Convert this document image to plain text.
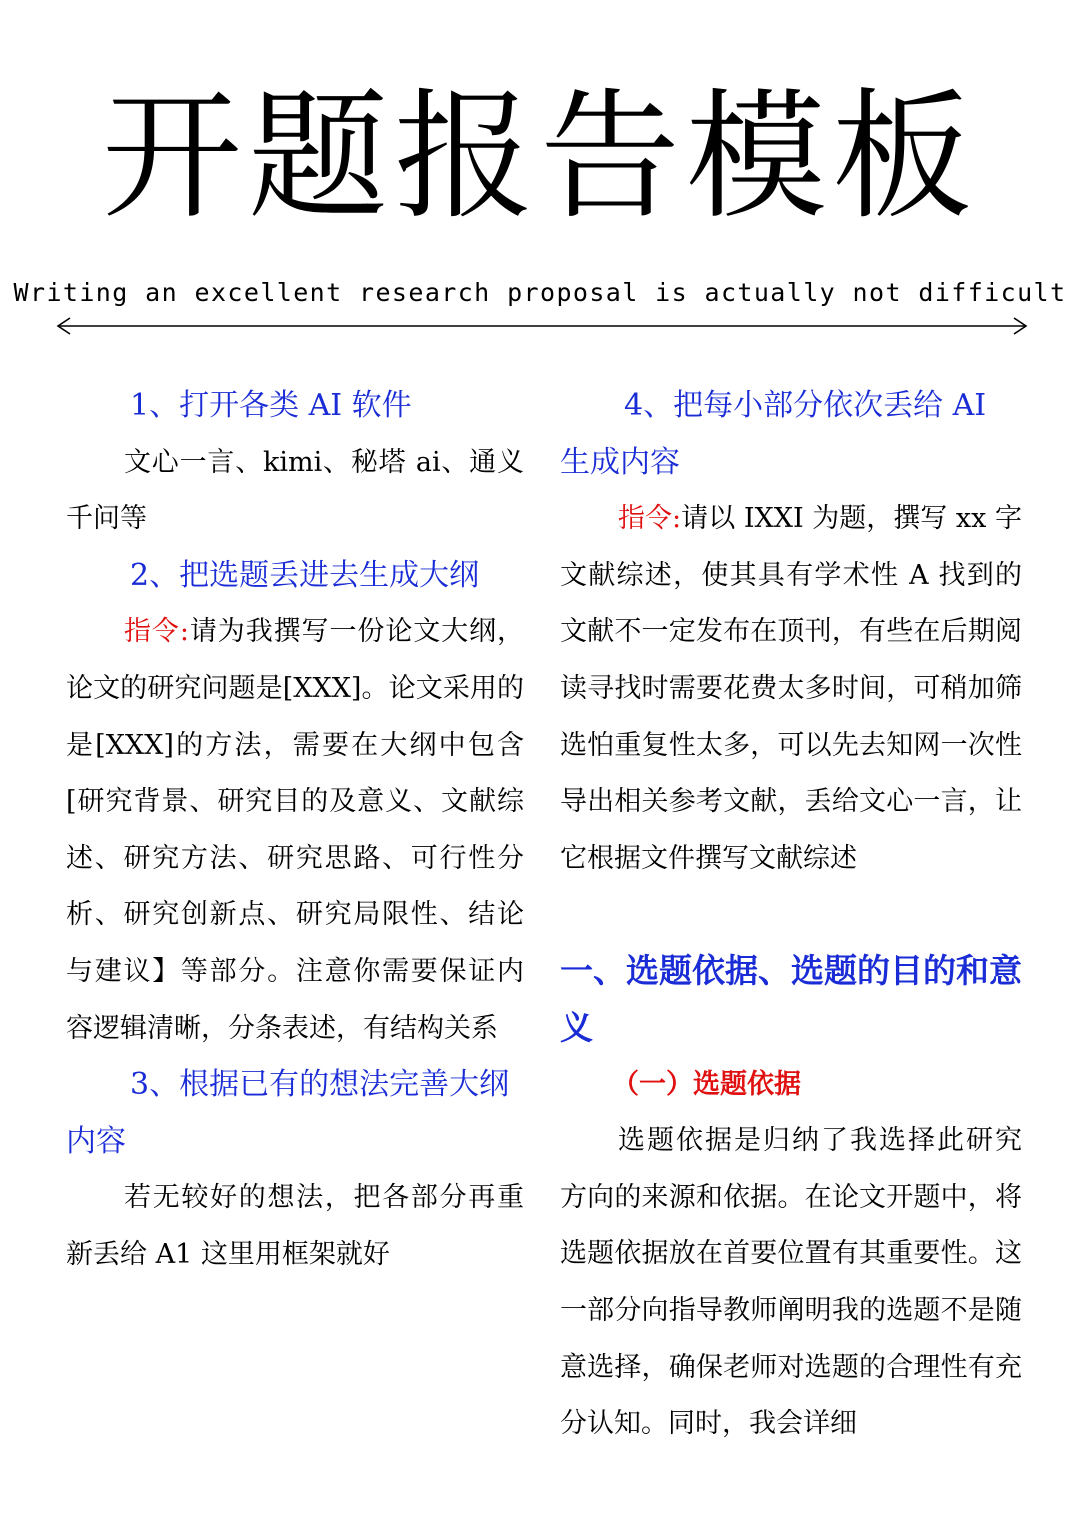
开题报告模板
Writing an excellent research proposal is actually not difficult

1、打开各类 AI 软件

文心一言、kimi、秘塔 ai、通义千问等

2、把选题丢进去生成大纲

指令:请为我撰写一份论文大纲，论文的研究问题是[XXX]。论文采用的是[XXX]的方法，需要在大纲中包含[研究背景、研究目的及意义、文献综述、研究方法、研究思路、可行性分析、研究创新点、研究局限性、结论与建议】等部分。注意你需要保证内容逻辑清晰，分条表述，有结构关系

3、根据已有的想法完善大纲内容

若无较好的想法，把各部分再重新丢给 A1 这里用框架就好

4、把每小部分依次丢给 AI 生成内容

指令:请以 IXXI 为题，撰写 xx 字文献综述，使其具有学术性 A 找到的文献不一定发布在顶刊，有些在后期阅读寻找时需要花费太多时间，可稍加筛选怕重复性太多，可以先去知网一次性导出相关参考文献，丢给文心一言，让它根据文件撰写文献综述

一、选题依据、选题的目的和意义

（一）选题依据

选题依据是归纳了我选择此研究方向的来源和依据。在论文开题中，将选题依据放在首要位置有其重要性。这一部分向指导教师阐明我的选题不是随意选择，确保老师对选题的合理性有充分认知。同时，我会详细
